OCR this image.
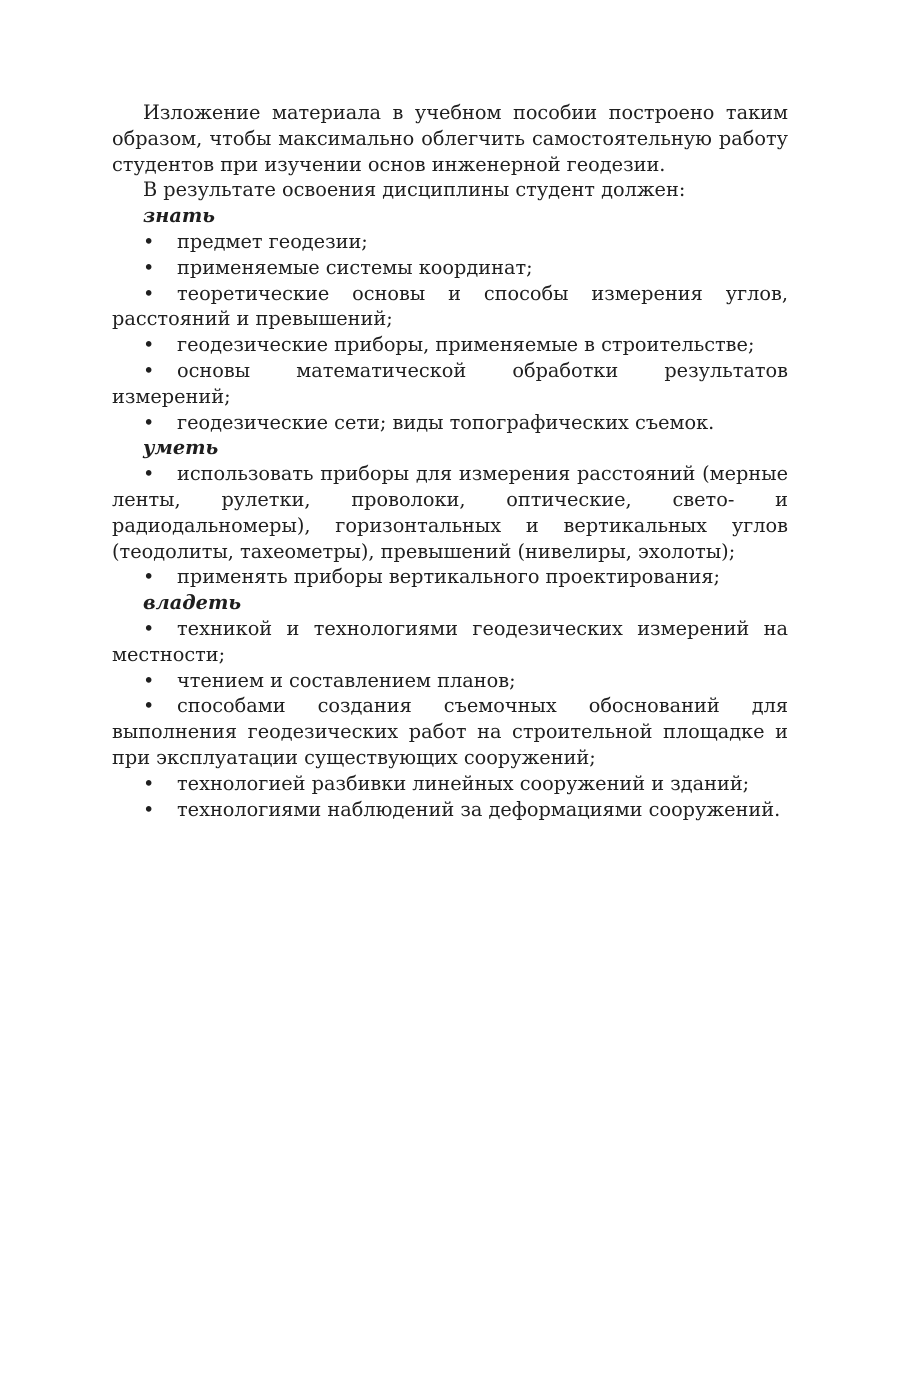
Изложение материала в учебном пособии построено таким образом, чтобы максимально облегчить самостоятельную работу студентов при изучении основ инженерной геодезии.

В результате освоения дисциплины студент должен:

знать

• предмет геодезии;

• применяемые системы координат;

• теоретические основы и способы измерения углов, расстояний и превышений;

• геодезические приборы, применяемые в строительстве;

• основы математической обработки результатов измерений;

• геодезические сети; виды топографических съемок.

уметь

• использовать приборы для измерения расстояний (мерные ленты, рулетки, проволоки, оптические, свето- и радиодальномеры), горизонтальных и вертикальных углов (теодолиты, тахеометры), превышений (нивелиры, эхолоты);

• применять приборы вертикального проектирования;

владеть

• техникой и технологиями геодезических измерений на местности;

• чтением и составлением планов;

• способами создания съемочных обоснований для выполнения геодезических работ на строительной площадке и при эксплуатации существующих сооружений;

• технологией разбивки линейных сооружений и зданий;

• технологиями наблюдений за деформациями сооружений.
